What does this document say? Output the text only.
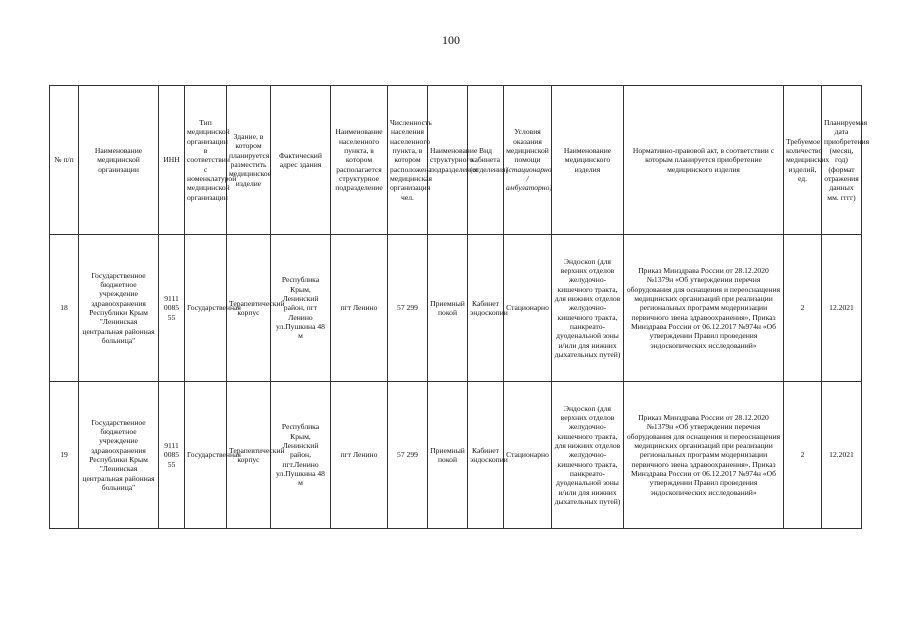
100
№ п/п	Наименование медицинской организации	ИНН	Тип медицинской организации в соответствии с номенклатурой медицинской организации	Здание, в котором планируется разместить медицинское изделие	Фактический адрес здания	Наименование населенного пункта, в котором располагается структурное подразделение	Численность населения населенного пункта, в котором расположена медицинская организация чел.	Наименование структурного подразделения	Вид кабинета (отделения)	Условия оказания медицинской помощи (стационарно / амбулаторно)	Наименование медицинского изделия	Нормативно-правовой акт, в соответствии с которым планируется приобретение медицинского изделия	Требуемое количество медицинских изделий, ед.	Планируемая дата приобретения (месяц, год) (формат отражения данных мм. гггг)
18	Государственное бюджетное учреждение здравоохранения Республики Крым "Ленинская центральная районная больница"	9111 0085 55	Государственная	Терапевтический корпус	Республика Крым, Ленинский район, пгт Ленино ул.Пушкина 48 м	пгт Ленино	57 299	Приемный покой	Кабинет эндоскопии	Стационарно	Эндоскоп (для верхних отделов желудочно-кишечного тракта, для нижних отделов желудочно-кишечного тракта, панкреато-дуоденальной зоны и/или для нижних дыхательных путей)	Приказ Минздрава России от 28.12.2020 №1379н «Об утверждении перечня оборудования для оснащения и переоснащения медицинских организаций при реализации региональных программ модернизации первичного звена здравоохранения», Приказ Минздрава России от 06.12.2017 №974н «Об утверждении Правил проведения эндоскопических исследований»	2	12.2021
19	Государственное бюджетное учреждение здравоохранения Республики Крым "Ленинская центральная районная больница"	9111 0085 55	Государственная	Терапевтический корпус	Республика Крым, Ленинский район, пгт.Ленино ул.Пушкина 48 м	пгт Ленино	57 299	Приемный покой	Кабинет эндоскопии	Стационарно	Эндоскоп (для верхних отделов желудочно-кишечного тракта, для нижних отделов желудочно-кишечного тракта, панкреато-дуоденальной зоны и/или для нижних дыхательных путей)	Приказ Минздрава России от 28.12.2020 №1379н «Об утверждении перечня оборудования для оснащения и переоснащения медицинских организаций при реализации региональных программ модернизации первичного звена здравоохранения», Приказ Минздрава России от 06.12.2017 №974н «Об утверждении Правил проведения эндоскопических исследований»	2	12.2021
